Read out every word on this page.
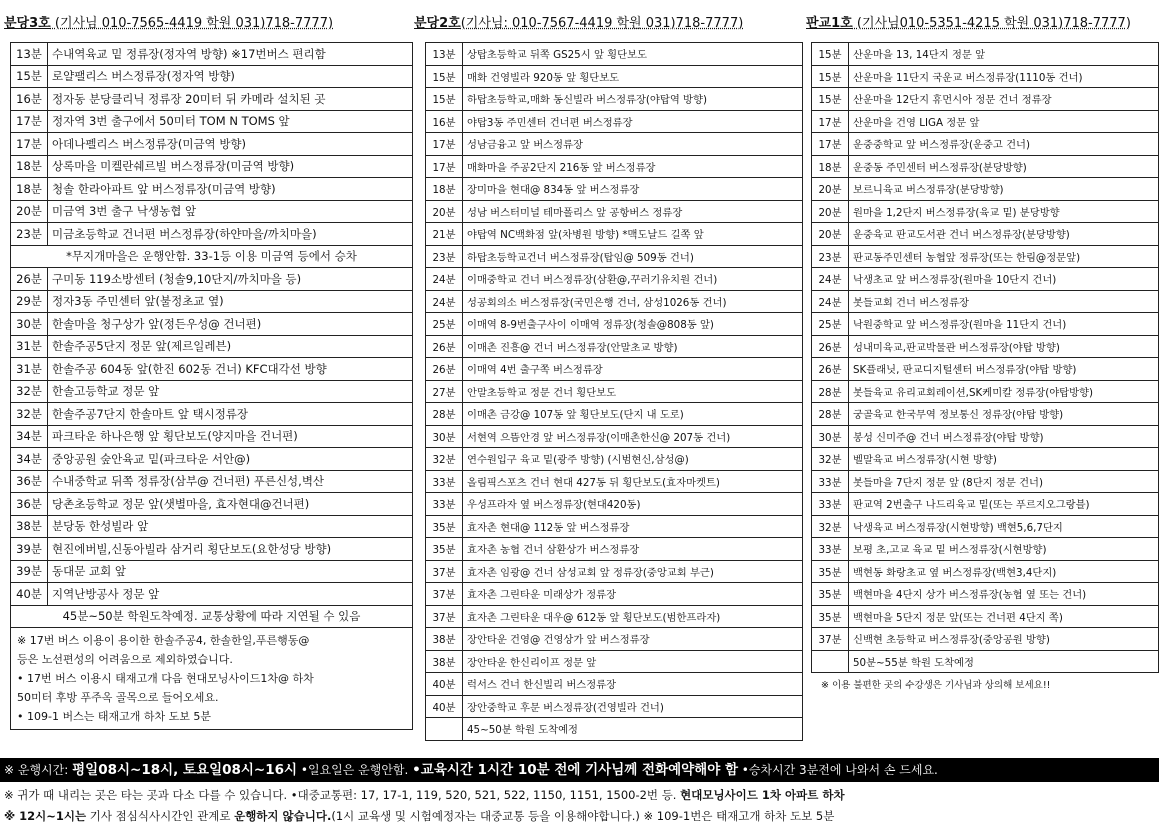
분당3호 (기사님 010-7565-4419 학원 031)718-7777)	분당2호(기사님: 010-7567-4419 학원 031)718-7777)	판교1호 (기사님010-5351-4215 학원 031)718-7777)
13분	수내역육교 밑 정류장(정자역 방향) ※17번버스 편리함
15분	로얄팰리스 버스정류장(정자역 방향)
16분	정자동 분당클리닉 정류장 20미터 뒤 카메라 설치된 곳
17분	정자역 3번 출구에서 50미터 TOM N TOMS 앞
17분	아데나펠리스 버스정류장(미금역 방향)
18분	상록마을 미켈란쉐르빌 버스정류장(미금역 방향)
18분	청솔 한라아파트 앞 버스정류장(미금역 방향)
20분	미금역 3번 출구 낙생농협 앞
23분	미금초등학교 건너편 버스정류장(하얀마을/까치마을)
*무지개마을은 운행안함. 33-1등 이용 미금역 등에서 승차	
26분	구미동 119소방센터 (청솔9,10단지/까치마을 등)
29분	정자3동 주민센터 앞(불정초교 옆)
30분	한솔마을 청구상가 앞(정든우성@ 건너편)
31분	한솔주공5단지 정문 앞(제르일레븐)
31분	한솔주공 604동 앞(한진 602동 건너) KFC대각선 방향
32분	한솔고등학교 정문 앞
32분	한솔주공7단지 한솔마트 앞 택시정류장
34분	파크타운 하나은행 앞 횡단보도(양지마을 건너편)
34분	중앙공원 숲안육교 밑(파크타운 서안@)
36분	수내중학교 뒤쪽 정류장(삼부@ 건너편) 푸른신성,벽산
36분	당촌초등학교 정문 앞(샛별마을, 효자현대@건너편)
38분	분당동 한성빌라 앞
39분	현진에버빌,신동아빌라 삼거리 횡단보도(요한성당 방향)
39분	동대문 교회 앞
40분	지역난방공사 정문 앞
45분~50분 학원도착예정. 교통상황에 따라 지연될 수 있음	
※ 17번 버스 이용이 용이한 한솔주공4, 한솔한일,푸른행동@
등은 노선편성의 어려움으로 제외하였습니다.
• 17번 버스 이용시 태재고개 다음 현대모닝사이드1차@ 하차
50미터 후방 푸주옥 골목으로 들어오세요.
• 109-1 버스는 태재고개 하차 도보 5분
13분	상탑초등학교 뒤쪽 GS25시 앞 횡단보도
15분	매화 건영빌라 920동 앞 횡단보도
15분	하탑초등학교,매화 동신빌라 버스정류장(야탑역 방향)
16분	야탑3동 주민센터 건너편 버스정류장
17분	성남금융고 앞 버스정류장
17분	매화마을 주공2단지 216동 앞 버스정류장
18분	장미마을 현대@ 834동 앞 버스정류장
20분	성남 버스터미널 테마폴리스 앞 공항버스 정류장
21분	야탑역 NC백화점 앞(차병원 방향) *맥도날드 길쪽 앞
23분	하탑초등학교건너 버스정류장(탑임@ 509동 건너)
24분	이매중학교 건너 버스정류장(삼환@,꾸러기유치원 건너)
24분	성공회의소 버스정류장(국민은행 건너, 삼성1026동 건너)
25분	이매역 8-9번출구사이 이매역 정류장(청솔@808동 앞)
26분	이매촌 진흥@ 건너 버스정류장(안말초교 방향)
26분	이매역 4번 출구쪽 버스정류장
27분	안말초등학교 정문 건너 횡단보도
28분	이매촌 금강@ 107동 앞 횡단보도(단지 내 도로)
30분	서현역 으뜸안경 앞 버스정류장(이매촌한신@ 207동 건너)
32분	연수원입구 육교 밑(광주 방향) (시범현신,삼성@)
33분	올림픽스포츠 건너 현대 427동 뒤 횡단보도(효자마켓트)
33분	우성프라자 옆 버스정류장(현대420동)
35분	효자촌 현대@ 112동 앞 버스정류장
35분	효자촌 농협 건너 삼환상가 버스정류장
37분	효자촌 임광@ 건너 삼성교회 앞 정류장(중앙교회 부근)
37분	효자촌 그린타운 미래상가 정류장
37분	효자촌 그린타운 대우@ 612동 앞 횡단보도(범한프라자)
38분	장안타운 건영@ 건영상가 앞 버스정류장
38분	장안타운 한신리이프 정문 앞
40분	럭서스 건너 한신빌리 버스정류장
40분	장안중학교 후문 버스정류장(건영빌라 건너)
	45~50분 학원 도착예정
15분	산운마을 13, 14단지 정문 앞
15분	산운마을 11단지 국운교 버스정류장(1110동 건너)
15분	산운마을 12단지 휴먼시아 정문 건너 정류장
17분	산운마을 건영 LIGA 정문 앞
17분	운중중학교 앞 버스정류장(운중고 건너)
18분	운중동 주민센터 버스정류장(분당방향)
20분	보르니육교 버스정류장(분당방향)
20분	원마을 1,2단지 버스정류장(육교 밑) 분당방향
20분	운중육교 판교도서관 건너 버스정류장(분당방향)
23분	판교동주민센터 농협앞 정류장(또는 한림@정문앞)
24분	낙생초교 앞 버스정류장(원마을 10단지 건너)
24분	봇들교회 건너 버스정류장
25분	낙원중학교 앞 버스정류장(원마을 11단지 건너)
26분	성내미육교,판교박물관 버스정류장(야탑 방향)
26분	SK플래닛, 판교디지털센터 버스정류장(야탑 방향)
28분	봇들육교 유리교회레이션,SK케미칼 정류장(야탑방향)
28분	궁골육교 한국무역 정보통신 정류장(야탑 방향)
30분	봉성 신미주@ 건너 버스정류장(야탑 방향)
32분	벨말육교 버스정류장(시현 방향)
33분	봇들마을 7단지 정문 앞 (8단지 정문 건너)
33분	판교역 2번출구 나드리육교 밑(또는 푸르지오그랑블)
32분	낙생육교 버스정류장(시현방향) 백현5,6,7단지
33분	보평 초,고교 육교 밑 버스정류장(시현방향)
35분	백현동 화랑초교 옆 버스정류장(백현3,4단지)
35분	백현마을 4단지 상가 버스정류장(농협 옆 또는 건너)
35분	백현마을 5단지 정문 앞(또는 건너편 4단지 쪽)
37분	신백현 초등학교 버스정류장(중앙공원 방향)
	50분~55분 학원 도착예정
※ 이용 불편한 곳의 수강생은 기사님과 상의해 보세요!!
※ 운행시간: 평일08시~18시, 토요일08시~16시 •일요일은 운행안함. •교육시간 1시간 10분 전에 기사님께 전화예약해야 함 •승차시간 3분전에 나와서 손 드세요.
※ 귀가 때 내리는 곳은 타는 곳과 다소 다를 수 있습니다. •대중교통편: 17, 17-1, 119, 520, 521, 522, 1150, 1151, 1500-2번 등. 현대모닝사이드 1차 아파트 하차
※ 12시~1시는 기사 점심식사시간인 관계로 운행하지 않습니다.(1시 교육생 및 시험예정자는 대중교통 등을 이용해야합니다.) ※ 109-1번은 태재고개 하차 도보 5분
